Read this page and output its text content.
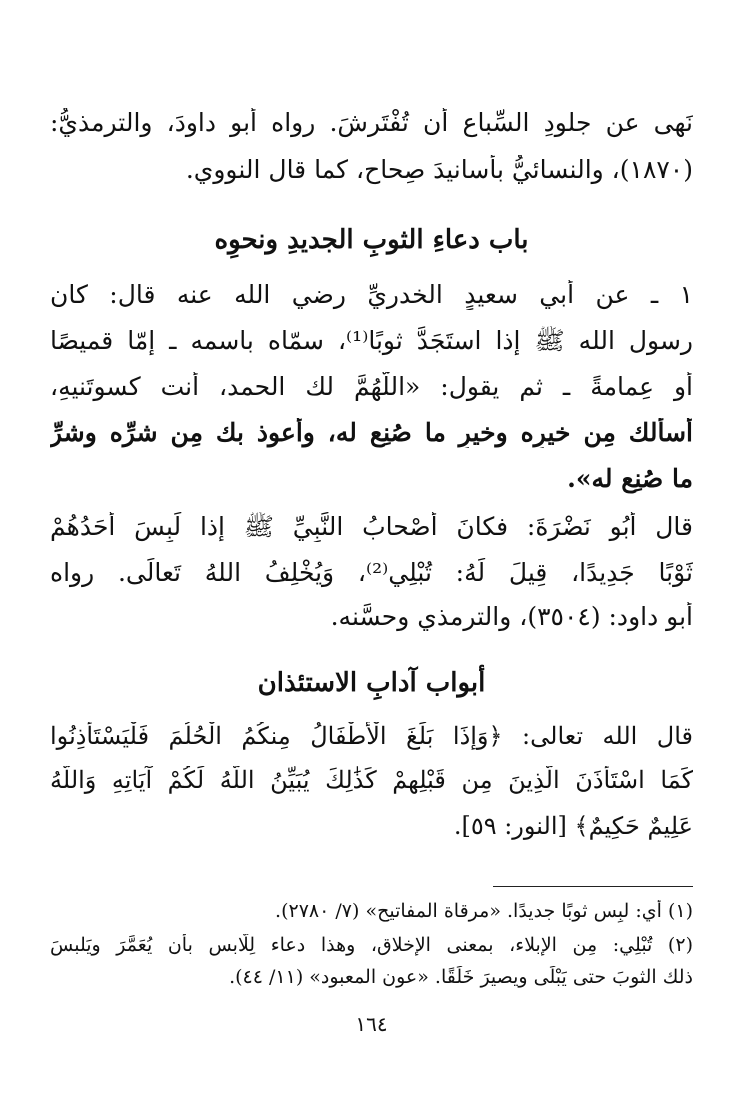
نَهى عن جلودِ السِّباعِ أن تُفْتَرشَ. رواه أبو داودَ، والترمذيُّ:

(١٨٧٠)، والنسائيُّ بأسانيدَ صِحاحٍ، كما قال النووي.

باب دعاءِ الثوبِ الجديدِ ونحوِه

١ ـ عن أبي سعيدٍ الخدريِّ رضي الله عنه قال: كان

رسول الله ﷺ إذا استَجَدَّ ثوبًا⁽¹⁾، سمّاه باسمه ـ إمّا قميصًا

أو عِمامةً ـ ثم يقول: «اللَّهُمَّ لك الحمد، أنت كسوتَنيهِ،

أسألك مِن خيرِه وخيرِ ما صُنِع له، وأعوذ بك مِن شرِّه وشرِّ

ما صُنِع له».

قال أَبُو نَضْرَةَ: فكانَ أَصْحابُ النَّبِيِّ ﷺ إذا لَبِسَ أَحَدُهُمْ

ثَوْبًا جَدِيدًا، قِيلَ لَهُ: تُبْلِي⁽²⁾، وَيُخْلِفُ اللهُ تَعالَى. رواه

أبو داود: (٣٥٠٤)، والترمذي وحسَّنه.

أبواب آدابِ الاستئذان

قال الله تعالى: ﴿وَإِذَا بَلَغَ الْأَطْفَالُ مِنكُمُ الْحُلُمَ فَلْيَسْتَأْذِنُوا

كَمَا اسْتَأْذَنَ الَّذِينَ مِن قَبْلِهِمْ كَذَٰلِكَ يُبَيِّنُ اللَّهُ لَكُمْ آيَاتِهِ وَاللَّهُ

عَلِيمٌ حَكِيمٌ﴾ [النور: ٥٩].

(١) أي: لبِس ثوبًا جديدًا. «مرقاة المفاتيح» (٧/ ٢٧٨٠).

(٢) تُبْلِي: مِن الإبلاء، بمعنى الإخلاق، وهذا دعاء لِلّابس بأن يُعَمَّرَ ويَلبسَ

ذلك الثوبَ حتى يَبْلَى ويصيرَ خَلَقًا. «عون المعبود» (١١/ ٤٤).

١٦٤
